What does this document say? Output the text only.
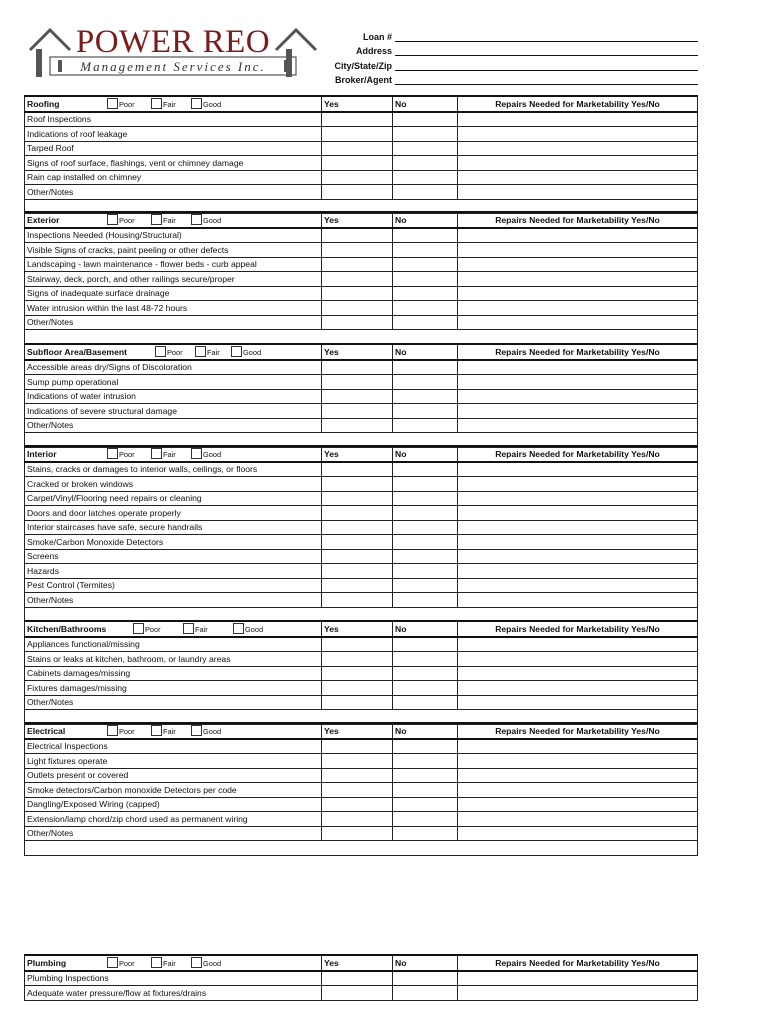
POWER REO
Management Services Inc.
Loan #
Address
City/State/Zip
Broker/Agent
Roofing Poor Fair Good	Yes	No	Repairs Needed for Marketability Yes/No
Roof Inspections			
Indications of roof leakage			
Tarped Roof			
Signs of roof surface, flashings, vent or chimney damage			
Rain cap installed on chimney			
Other/Notes			

Exterior Poor Fair Good	Yes	No	Repairs Needed for Marketability Yes/No
Inspections Needed (Housing/Structural)			
Visible Signs of cracks, paint peeling or other defects			
Landscaping - lawn maintenance - flower beds - curb appeal			
Stairway, deck, porch, and other railings secure/proper			
Signs of inadequate surface drainage			
Water intrusion within the last 48-72 hours			
Other/Notes			

Subfloor Area/Basement Poor Fair Good	Yes	No	Repairs Needed for Marketability Yes/No
Accessible areas dry/Signs of Discoloration			
Sump pump operational			
Indications of water intrusion			
Indications of severe structural damage			
Other/Notes			

Interior Poor Fair Good	Yes	No	Repairs Needed for Marketability Yes/No
Stains, cracks or damages to interior walls, ceilings, or floors			
Cracked or broken windows			
Carpet/Vinyl/Flooring need repairs or cleaning			
Doors and door latches operate properly			
Interior staircases have safe, secure handrails			
Smoke/Carbon Monoxide Detectors			
Screens			
Hazards			
Pest Control (Termites)			
Other/Notes			

Kitchen/Bathrooms Poor Fair Good	Yes	No	Repairs Needed for Marketability Yes/No
Appliances functional/missing			
Stains or leaks at kitchen, bathroom, or laundry areas			
Cabinets damages/missing			
Fixtures damages/missing			
Other/Notes			

Electrical Poor Fair Good	Yes	No	Repairs Needed for Marketability Yes/No
Electrical Inspections			
Light fixtures operate			
Outlets present or covered			
Smoke detectors/Carbon monoxide Detectors per code			
Dangling/Exposed Wiring (capped)			
Extension/lamp chord/zip chord used as permanent wiring			
Other/Notes			

Plumbing Poor Fair Good	Yes	No	Repairs Needed for Marketability Yes/No
Plumbing Inspections			
Adequate water pressure/flow at fixtures/drains			
